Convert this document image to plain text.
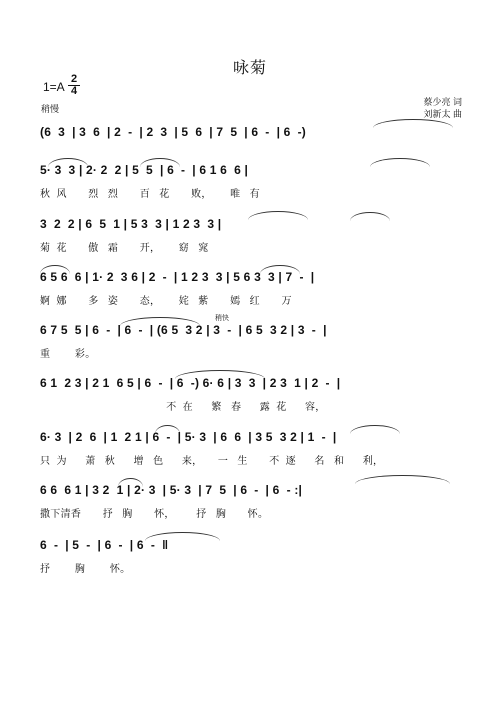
咏菊
1=A
2
4
稍慢
蔡少亮 词
刘新太 曲
(6  3  | 3  6  | 2  -  | 2  3  | 5  6  | 7  5  | 6  -  | 6  -)
5· 3  3 | 2· 2  2 | 5  5  | 6  -  | 6 1 6  6 |
秋  风       烈   烈       百   花       败，      唯   有
3  2  2 | 6  5  1 | 5 3  3 | 1 2 3  3 |
菊  花       傲   霜       开，      窈   窕
6 5 6  6 | 1· 2  3 6 | 2  -  | 1 2 3  3 | 5 6 3  3 | 7  -  |
婀  娜       多   姿       态，      姹   紫       嫣   红       万
稍快
6 7 5  5 | 6  -  | 6  -  | (6 5  3 2 | 3  -  | 6 5  3 2 | 3  -  |
重        彩。
6 1  2 3 | 2 1  6 5 | 6  -  | 6  -) 6· 6 | 3  3  | 2 3  1 | 2  -  |
不  在      繁   春      露  花      容，
6· 3  | 2  6  | 1  2 1 | 6  -  | 5· 3  | 6  6  | 3 5  3 2 | 1  -  |
只  为      萧   秋      增   色      来，     一   生       不  逐      名   和      利，
6 6  6 1 | 3 2  1 | 2· 3  | 5· 3  | 7  5  | 6  -  | 6  - :|
撒下清香       抒   胸       怀，       抒   胸       怀。
6  -  | 5  -  | 6  -  | 6  -  ‖
抒        胸        怀。
